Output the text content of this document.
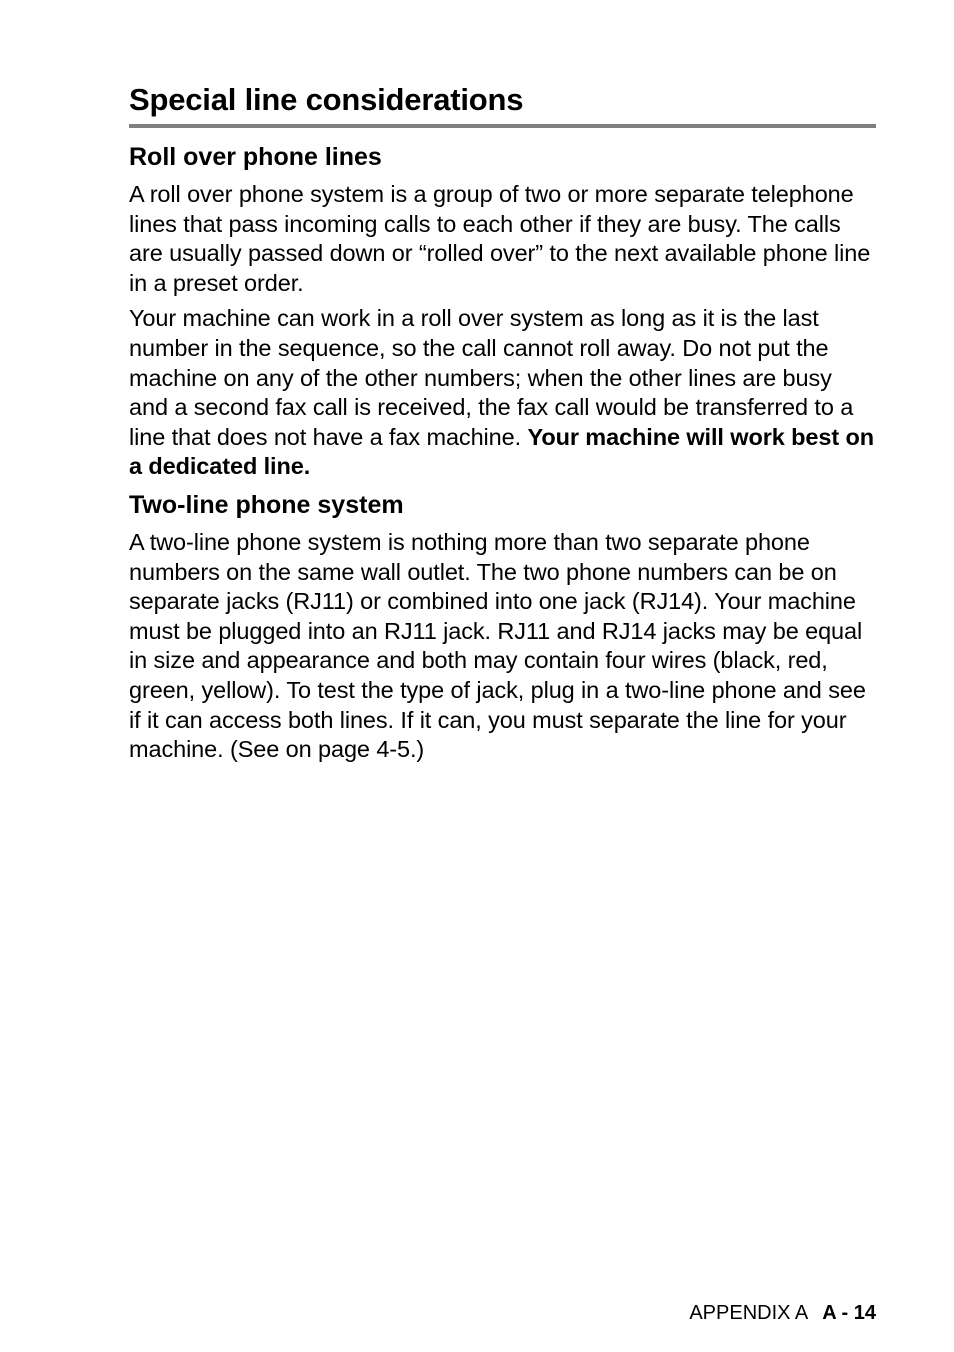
Special line considerations
Roll over phone lines

A roll over phone system is a group of two or more separate telephone lines that pass incoming calls to each other if they are busy. The calls are usually passed down or “rolled over” to the next available phone line in a preset order.

Your machine can work in a roll over system as long as it is the last number in the sequence, so the call cannot roll away. Do not put the machine on any of the other numbers; when the other lines are busy and a second fax call is received, the fax call would be transferred to a line that does not have a fax machine. Your machine will work best on a dedicated line.

Two-line phone system

A two-line phone system is nothing more than two separate phone numbers on the same wall outlet. The two phone numbers can be on separate jacks (RJ11) or combined into one jack (RJ14). Your machine must be plugged into an RJ11 jack. RJ11 and RJ14 jacks may be equal in size and appearance and both may contain four wires (black, red, green, yellow). To test the type of jack, plug in a two-line phone and see if it can access both lines. If it can, you must separate the line for your machine. (See on page 4-5.)

APPENDIX A A - 14
